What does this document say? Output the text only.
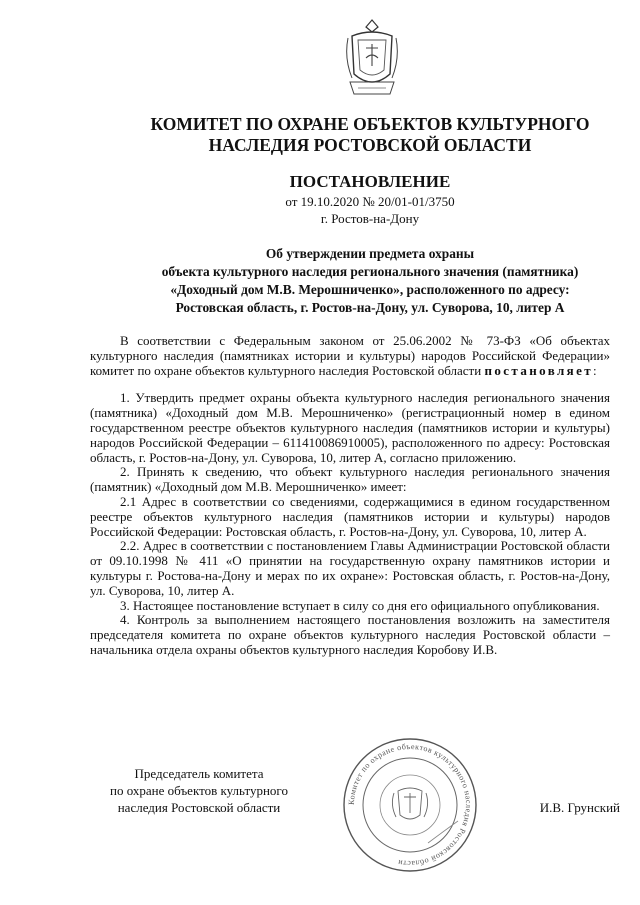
КОМИТЕТ ПО ОХРАНЕ ОБЪЕКТОВ КУЛЬТУРНОГО
НАСЛЕДИЯ РОСТОВСКОЙ ОБЛАСТИ
ПОСТАНОВЛЕНИЕ
от 19.10.2020 № 20/01-01/3750
г. Ростов-на-Дону
Об утверждении предмета охраны
объекта культурного наследия регионального значения (памятника)
«Доходный дом М.В. Мерошниченко», расположенного по адресу:
Ростовская область, г. Ростов-на-Дону, ул. Суворова, 10, литер А

В соответствии с Федеральным законом от 25.06.2002 № 73-ФЗ «Об объектах культурного наследия (памятниках истории и культуры) народов Российской Федерации» комитет по охране объектов культурного наследия Ростовской области постановляет:

1. Утвердить предмет охраны объекта культурного наследия регионального значения (памятника) «Доходный дом М.В. Мерошниченко» (регистрационный номер в едином государственном реестре объектов культурного наследия (памятников истории и культуры) народов Российской Федерации – 611410086910005), расположенного по адресу: Ростовская область, г. Ростов-на-Дону, ул. Суворова, 10, литер А, согласно приложению.

2. Принять к сведению, что объект культурного наследия регионального значения (памятник) «Доходный дом М.В. Мерошниченко» имеет:

2.1 Адрес в соответствии со сведениями, содержащимися в едином государственном реестре объектов культурного наследия (памятников истории и культуры) народов Российской Федерации: Ростовская область, г. Ростов-на-Дону, ул. Суворова, 10, литер А.

2.2. Адрес в соответствии с постановлением Главы Администрации Ростовской области от 09.10.1998 № 411 «О принятии на государственную охрану памятников истории и культуры г. Ростова-на-Дону и мерах по их охране»: Ростовская область, г. Ростов-на-Дону, ул. Суворова, 10, литер А.

3. Настоящее постановление вступает в силу со дня его официального опубликования.

4. Контроль за выполнением настоящего постановления возложить на заместителя председателя комитета по охране объектов культурного наследия Ростовской области – начальника отдела охраны объектов культурного наследия Коробову И.В.

Председатель комитета
по охране объектов культурного
наследия Ростовской области	Комитет по охране объектов культурного наследия Ростовской области
И.В. Грунский
